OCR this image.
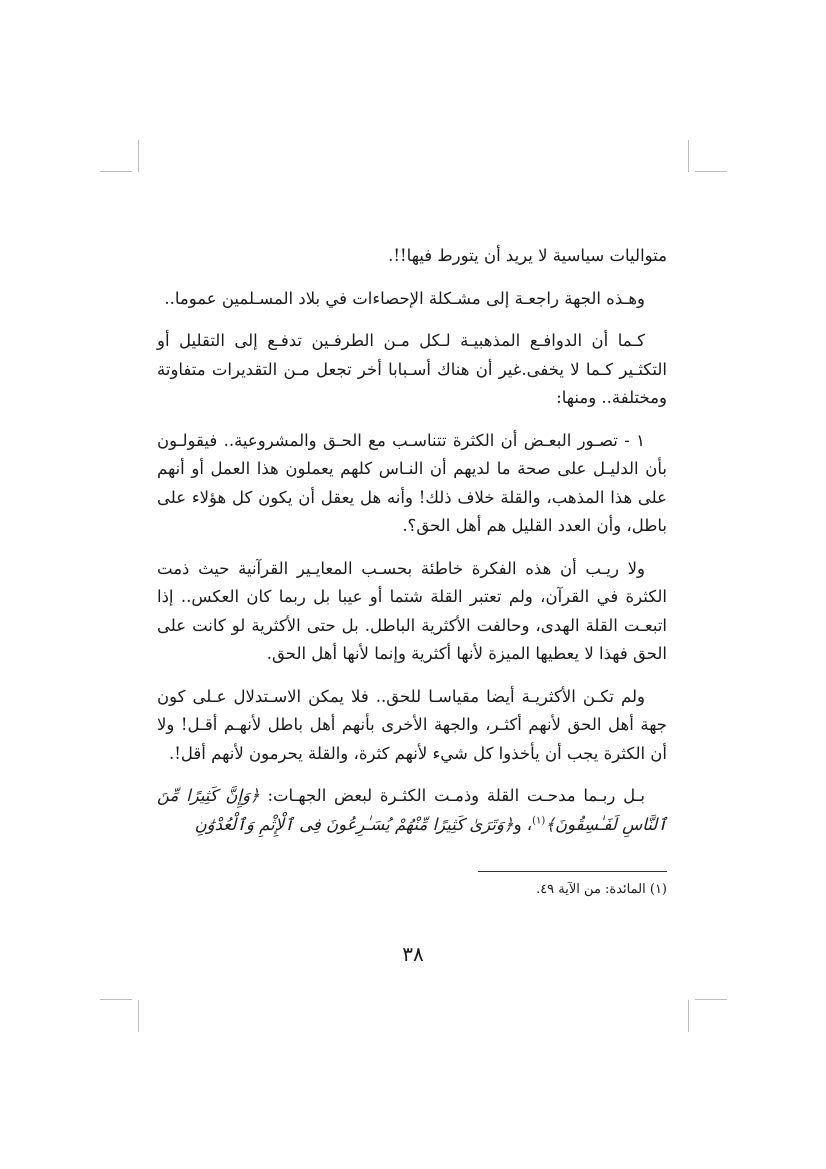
متواليات سياسية لا يريد أن يتورط فيها!!.

وهـذه الجهة راجعـة إلى مشـكلة الإحصاءات في بلاد المسـلمين عموما..

كـما أن الدوافـع المذهبيـة لـكل مـن الطرفـين تدفـع إلى التقليل أو التكثـير كـما لا يخفى.غير أن هناك أسـبابا أخر تجعل مـن التقديرات متفاوتة ومختلفة.. ومنها:

١ - تصـور البعـض أن الكثرة تتناسـب مع الحـق والمشروعية.. فيقولـون بأن الدليـل على صحة ما لديهم أن النـاس كلهم يعملون هذا العمل أو أنهم على هذا المذهب، والقلة خلاف ذلك! وأنه هل يعقل أن يكون كل هؤلاء على باطل، وأن العدد القليل هم أهل الحق؟.

ولا ريـب أن هذه الفكرة خاطئة بحسـب المعايـير القرآنية حيث ذمت الكثرة في القرآن، ولم تعتبر القلة شتما أو عيبا بل ربما كان العكس.. إذا اتبعـت القلة الهدى، وحالفت الأكثرية الباطل. بل حتى الأكثرية لو كانت على الحق فهذا لا يعطيها الميزة لأنها أكثرية وإنما لأنها أهل الحق.

ولم تكـن الأكثريـة أيضا مقياسـا للحق.. فلا يمكن الاسـتدلال عـلى كون جهة أهل الحق لأنهم أكثـر، والجهة الأخرى بأنهم أهل باطل لأنهـم أقـل! ولا أن الكثرة يجب أن يأخذوا كل شيء لأنهم كثرة، والقلة يحرمون لأنهم أقل!.

بـل ربـما مدحـت القلة وذمـت الكثـرة لبعض الجهـات: ﴿وَإِنَّ كَثِيرًا مِّنَ ٱلنَّاسِ لَفَـٰسِقُونَ﴾$^{(١)}$، و﴿وَتَرَىٰ كَثِيرًا مِّنْهُمْ يُسَـٰرِعُونَ فِى ٱلْإِثْمِ وَٱلْعُدْوَٰنِ

(١) المائدة: من الآية ٤٩.
٣٨
